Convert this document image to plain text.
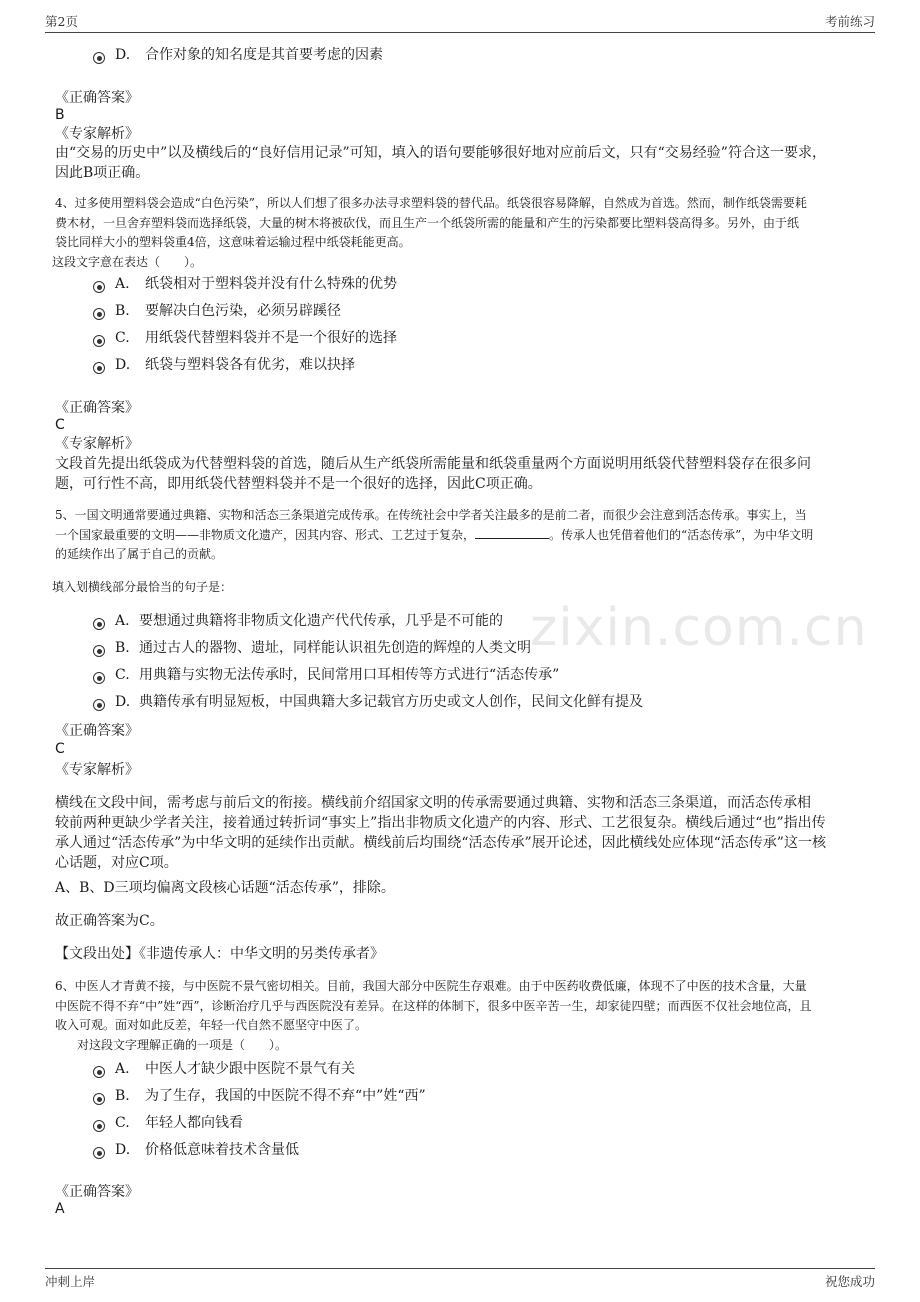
第2页	考前练习
zixin.com.cn
D.	合作对象的知名度是其首要考虑的因素
《正确答案》
B
《专家解析》

由“交易的历史中”以及横线后的“良好信用记录”可知，填入的语句要能够很好地对应前后文，只有“交易经验”符合这一要求，

因此B项正确。

4、过多使用塑料袋会造成“白色污染”，所以人们想了很多办法寻求塑料袋的替代品。纸袋很容易降解，自然成为首选。然而，制作纸袋需要耗

费木材，一旦舍弃塑料袋而选择纸袋，大量的树木将被砍伐，而且生产一个纸袋所需的能量和产生的污染都要比塑料袋高得多。另外，由于纸

袋比同样大小的塑料袋重4倍，这意味着运输过程中纸袋耗能更高。

这段文字意在表达（　　）。

A.	纸袋相对于塑料袋并没有什么特殊的优势
B.	要解决白色污染，必须另辟蹊径
C.	用纸袋代替塑料袋并不是一个很好的选择
D.	纸袋与塑料袋各有优劣，难以抉择
《正确答案》
C
《专家解析》

文段首先提出纸袋成为代替塑料袋的首选，随后从生产纸袋所需能量和纸袋重量两个方面说明用纸袋代替塑料袋存在很多问

题，可行性不高，即用纸袋代替塑料袋并不是一个很好的选择，因此C项正确。

5、一国文明通常要通过典籍、实物和活态三条渠道完成传承。在传统社会中学者关注最多的是前二者，而很少会注意到活态传承。事实上，当

一个国家最重要的文明——非物质文化遗产，因其内容、形式、工艺过于复杂，	。传承人也凭借着他们的“活态传承”，为中华文明

的延续作出了属于自己的贡献。

填入划横线部分最恰当的句子是：

A. 要想通过典籍将非物质文化遗产代代传承，几乎是不可能的
B. 通过古人的器物、遗址，同样能认识祖先创造的辉煌的人类文明
C. 用典籍与实物无法传承时，民间常用口耳相传等方式进行“活态传承”
D. 典籍传承有明显短板，中国典籍大多记载官方历史或文人创作，民间文化鲜有提及
《正确答案》
C
《专家解析》

横线在文段中间，需考虑与前后文的衔接。横线前介绍国家文明的传承需要通过典籍、实物和活态三条渠道，而活态传承相

较前两种更缺少学者关注，接着通过转折词“事实上”指出非物质文化遗产的内容、形式、工艺很复杂。横线后通过“也”指出传

承人通过“活态传承”为中华文明的延续作出贡献。横线前后均围绕“活态传承”展开论述，因此横线处应体现“活态传承”这一核

心话题，对应C项。

A、B、D三项均偏离文段核心话题“活态传承”，排除。

故正确答案为C。

【文段出处】《非遗传承人：中华文明的另类传承者》

6、中医人才青黄不接，与中医院不景气密切相关。目前，我国大部分中医院生存艰难。由于中医药收费低廉，体现不了中医的技术含量，大量

中医院不得不弃“中”姓“西”，诊断治疗几乎与西医院没有差异。在这样的体制下，很多中医辛苦一生，却家徒四壁；而西医不仅社会地位高，且

收入可观。面对如此反差，年轻一代自然不愿坚守中医了。

对这段文字理解正确的一项是（　　）。

A.	中医人才缺少跟中医院不景气有关
B.	为了生存，我国的中医院不得不弃“中”姓“西”
C.	年轻人都向钱看
D.	价格低意味着技术含量低
《正确答案》
A
冲刺上岸	祝您成功
